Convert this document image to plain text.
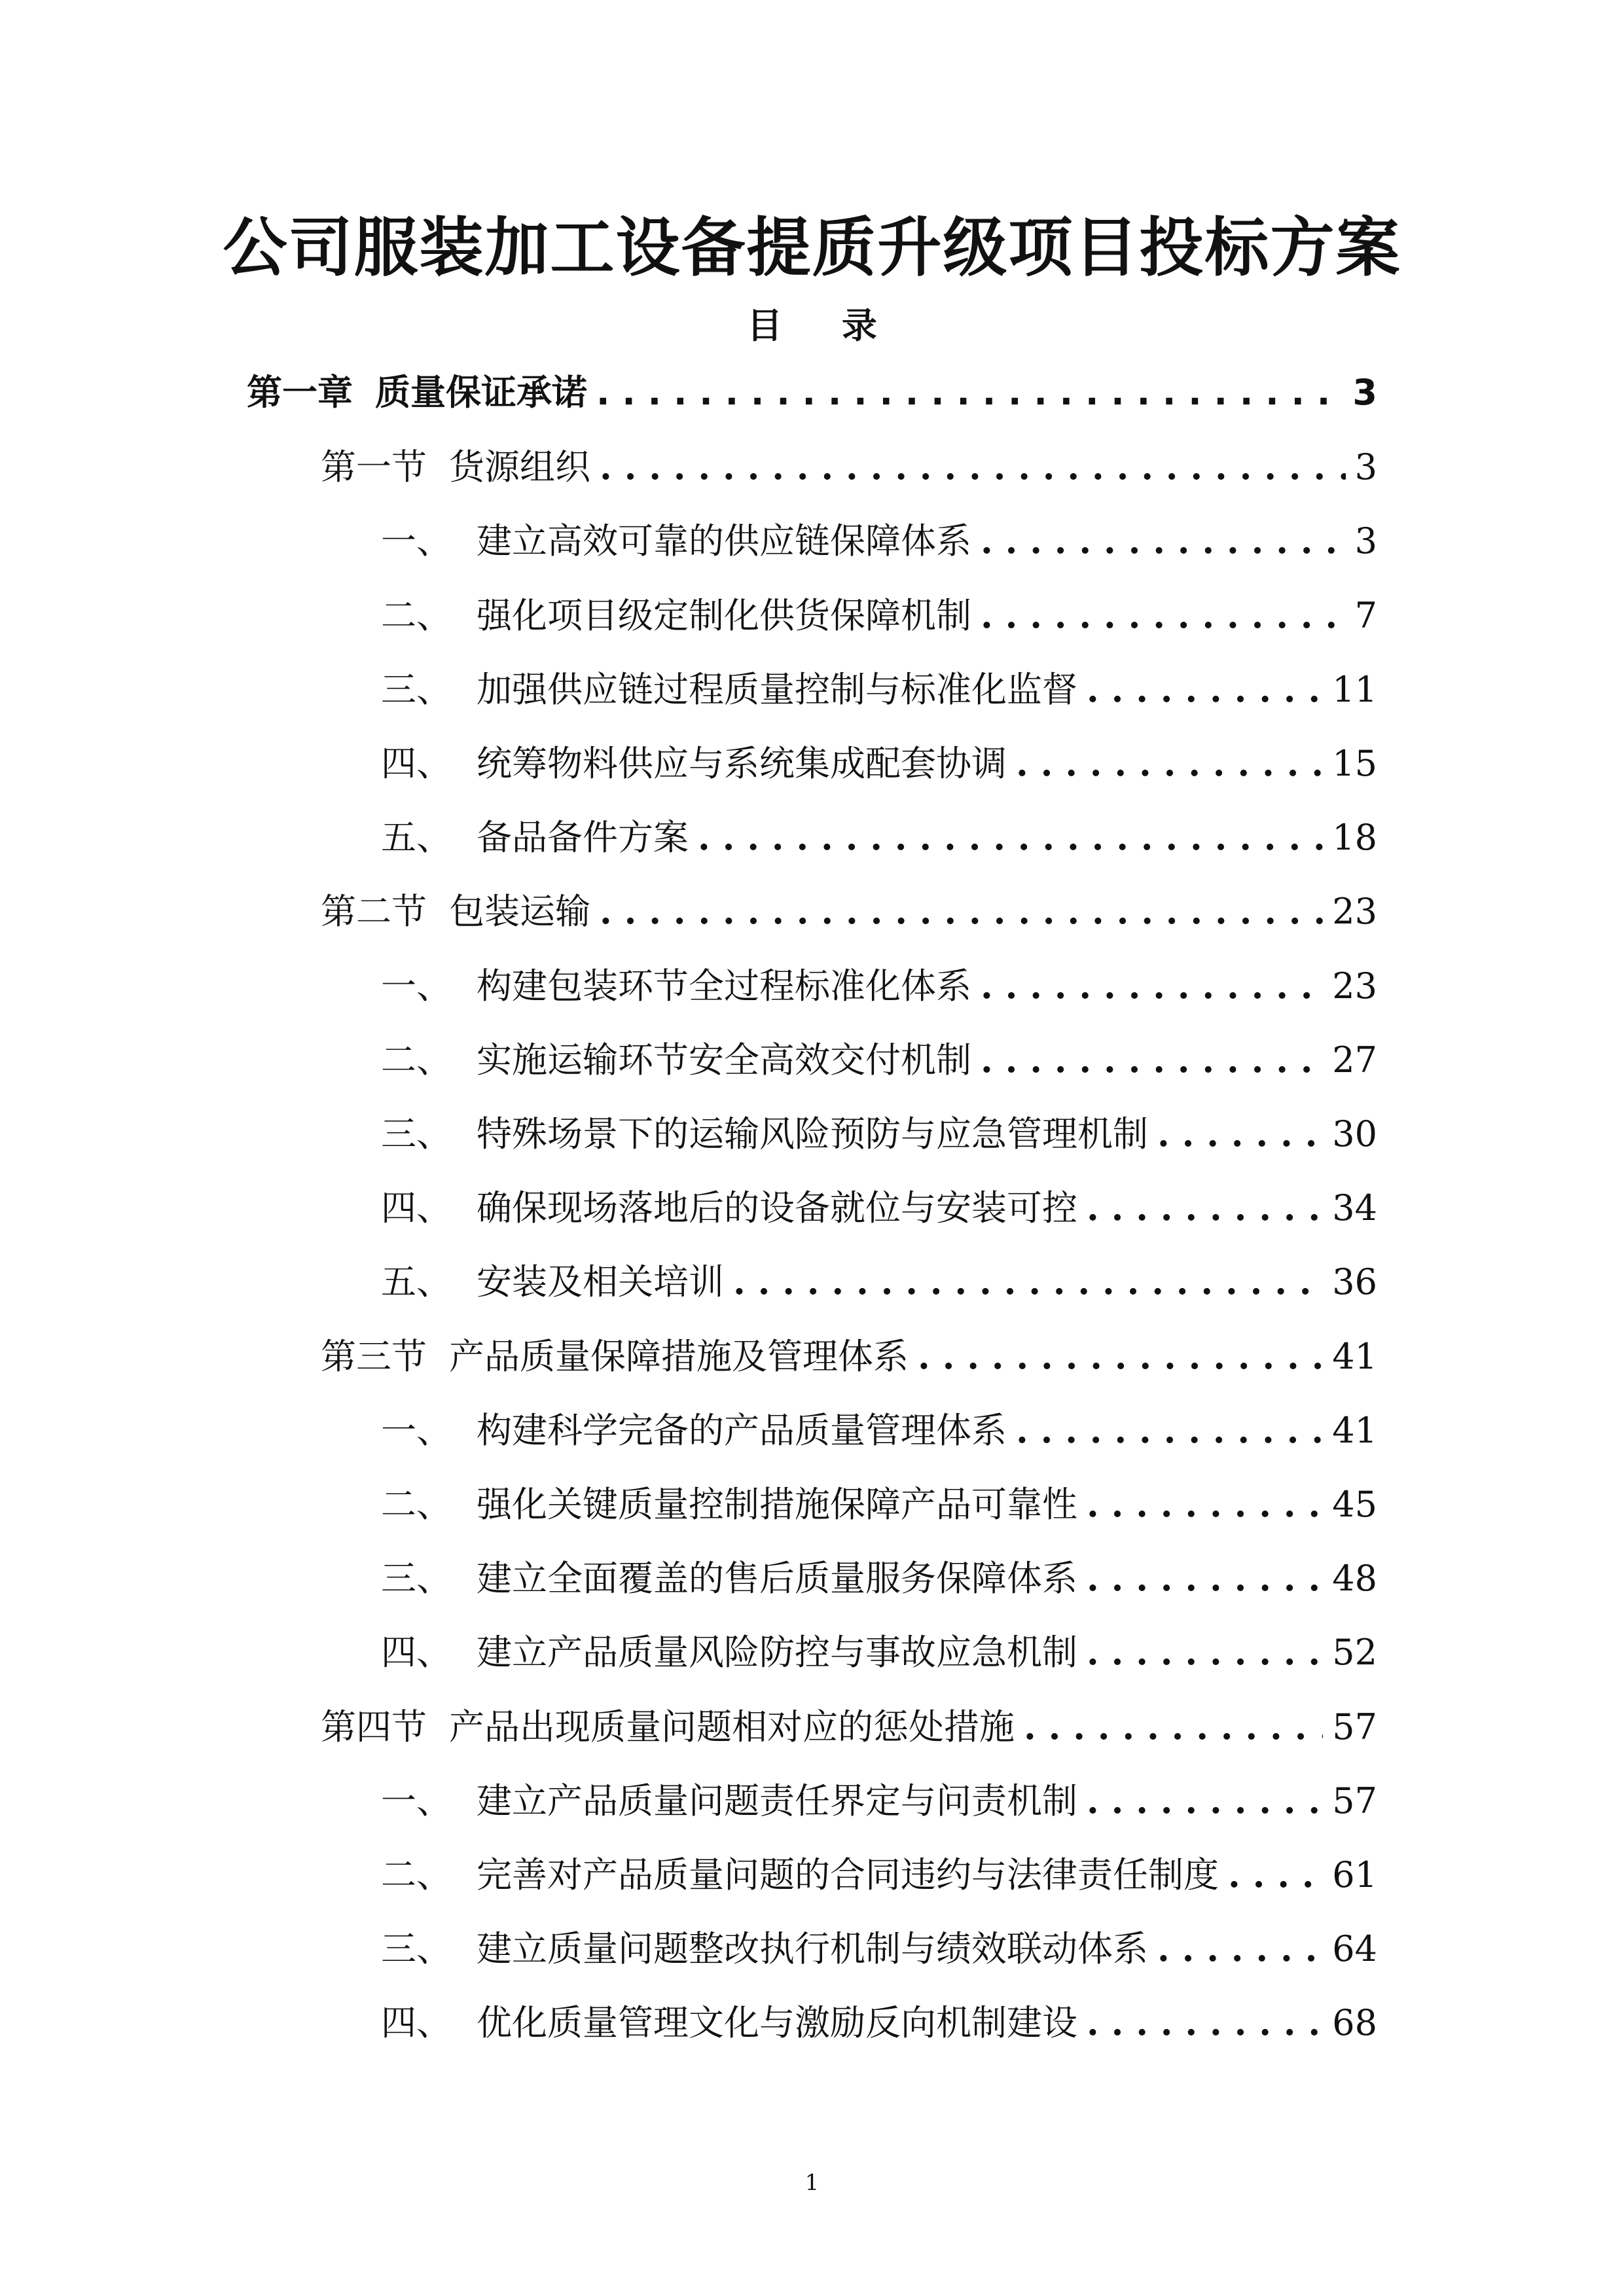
公司服装加工设备提质升级项目投标方案
目 录
第一章 质量保证承诺 . . .	3
第一节 货源组织 . . .	3
一、 建立高效可靠的供应链保障体系 . . .	3
二、 强化项目级定制化供货保障机制 . . .	7
三、 加强供应链过程质量控制与标准化监督 . . .	11
四、 统筹物料供应与系统集成配套协调 . . .	15
五、 备品备件方案 . . .	18
第二节 包装运输 . . .	23
一、 构建包装环节全过程标准化体系 . . .	23
二、 实施运输环节安全高效交付机制 . . .	27
三、 特殊场景下的运输风险预防与应急管理机制 . . .	30
四、 确保现场落地后的设备就位与安装可控 . . .	34
五、 安装及相关培训 . . .	36
第三节 产品质量保障措施及管理体系 . . .	41
一、 构建科学完备的产品质量管理体系 . . .	41
二、 强化关键质量控制措施保障产品可靠性 . . .	45
三、 建立全面覆盖的售后质量服务保障体系 . . .	48
四、 建立产品质量风险防控与事故应急机制 . . .	52
第四节 产品出现质量问题相对应的惩处措施 . . .	57
一、 建立产品质量问题责任界定与问责机制 . . .	57
二、 完善对产品质量问题的合同违约与法律责任制度 . . .	61
三、 建立质量问题整改执行机制与绩效联动体系 . . .	64
四、 优化质量管理文化与激励反向机制建设 . . .	68
1
